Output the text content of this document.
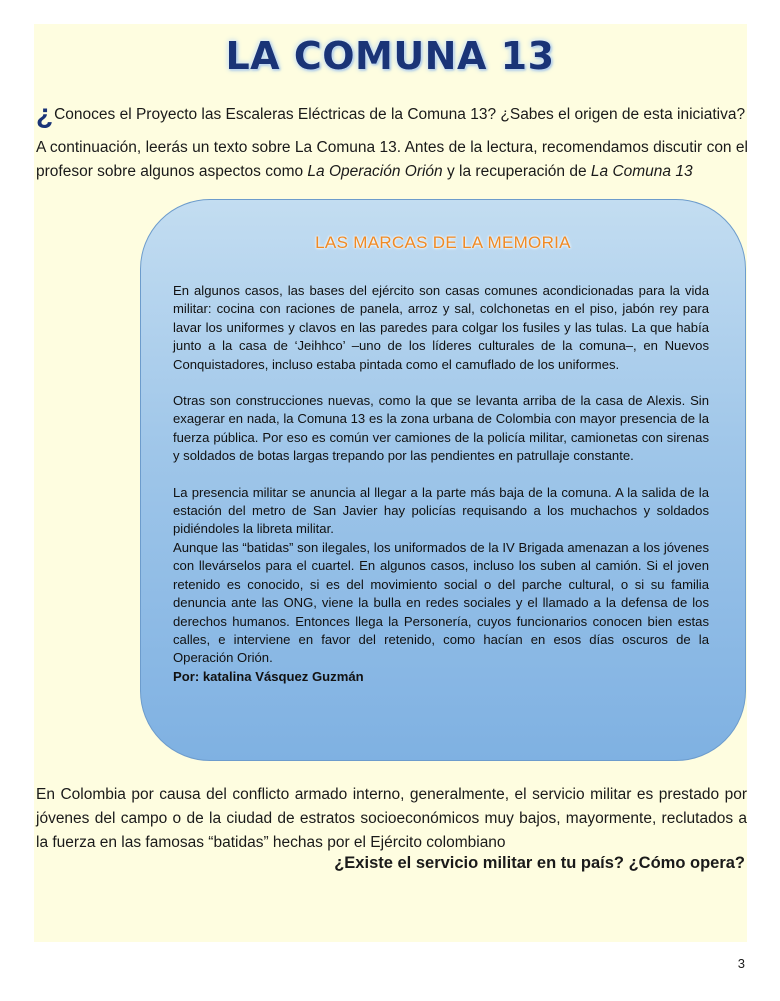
LA COMUNA 13
¿Conoces el Proyecto las Escaleras Eléctricas de la Comuna 13? ¿Sabes el origen de esta iniciativa?
A continuación, leerás un texto sobre La Comuna 13. Antes de la lectura, recomendamos discutir con el profesor sobre algunos aspectos como La Operación Orión y la recuperación de La Comuna 13
LAS MARCAS DE LA MEMORIA

En algunos casos, las bases del ejército son casas comunes acondicionadas para la vida militar: cocina con raciones de panela, arroz y sal, colchonetas en el piso, jabón rey para lavar los uniformes y clavos en las paredes para colgar los fusiles y las tulas. La que había junto a la casa de ‘Jeihhco’ –uno de los líderes culturales de la comuna–, en Nuevos Conquistadores, incluso estaba pintada como el camuflado de los uniformes.

Otras son construcciones nuevas, como la que se levanta arriba de la casa de Alexis. Sin exagerar en nada, la Comuna 13 es la zona urbana de Colombia con mayor presencia de la fuerza pública. Por eso es común ver camiones de la policía militar, camionetas con sirenas y soldados de botas largas trepando por las pendientes en patrullaje constante.

La presencia militar se anuncia al llegar a la parte más baja de la comuna. A la salida de la estación del metro de San Javier hay policías requisando a los muchachos y soldados pidiéndoles la libreta militar.

Aunque las “batidas” son ilegales, los uniformados de la IV Brigada amenazan a los jóvenes con llevárselos para el cuartel. En algunos casos, incluso los suben al camión. Si el joven retenido es conocido, si es del movimiento social o del parche cultural, o si su familia denuncia ante las ONG, viene la bulla en redes sociales y el llamado a la defensa de los derechos humanos. Entonces llega la Personería, cuyos funcionarios conocen bien estas calles, e interviene en favor del retenido, como hacían en esos días oscuros de la Operación Orión.

Por: katalina Vásquez Guzmán
En Colombia por causa del conflicto armado interno, generalmente, el servicio militar es prestado por jóvenes del campo o de la ciudad de estratos socioeconómicos muy bajos, mayormente, reclutados a la fuerza en las famosas “batidas” hechas por el Ejército colombiano
¿Existe el servicio militar en tu país? ¿Cómo opera?
3
